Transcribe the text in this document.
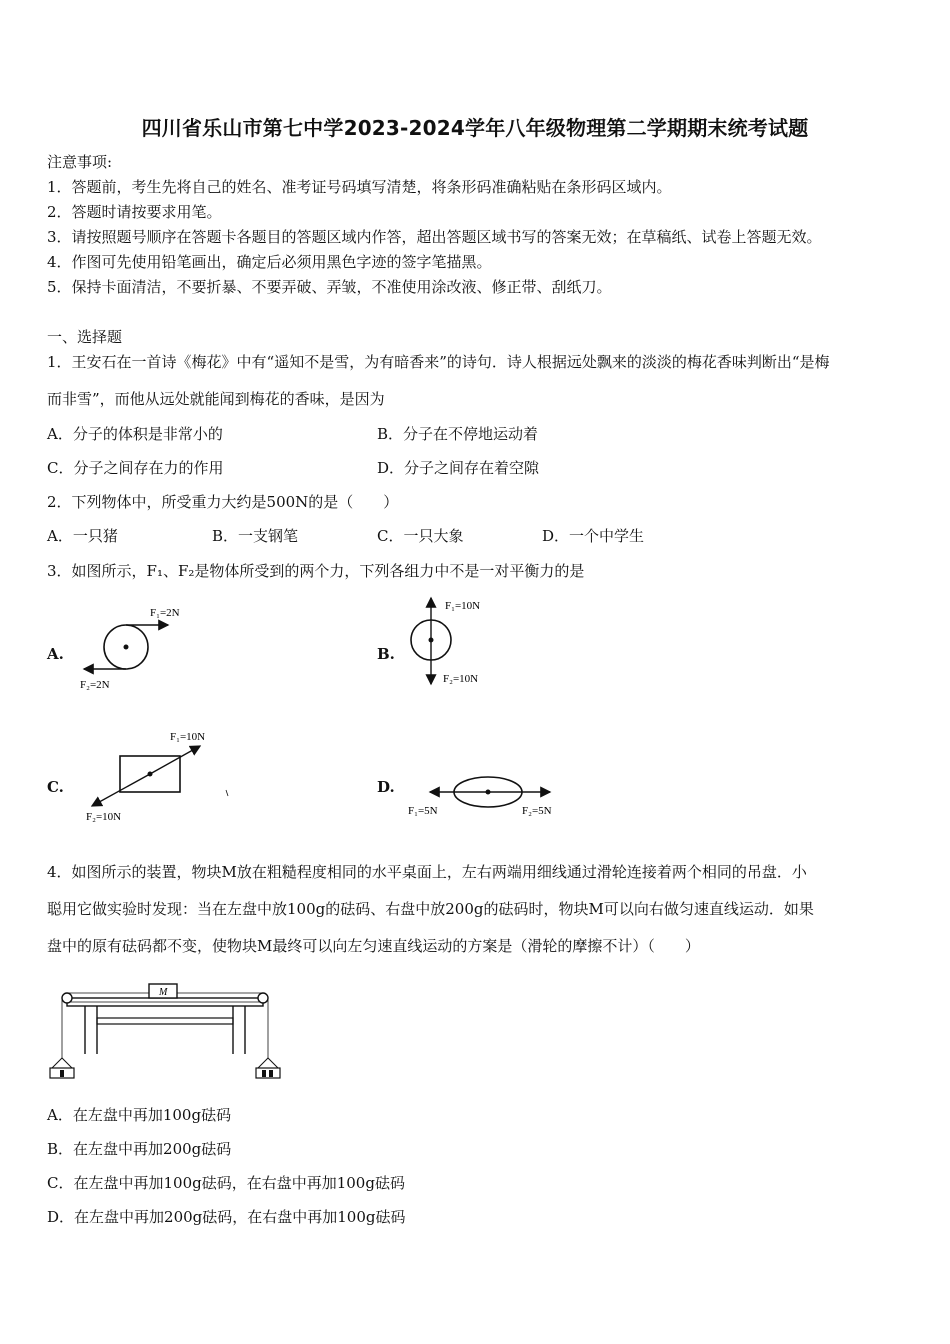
四川省乐山市第七中学2023-2024学年八年级物理第二学期期末统考试题
注意事项:
1．答题前，考生先将自己的姓名、准考证号码填写清楚，将条形码准确粘贴在条形码区域内。
2．答题时请按要求用笔。
3．请按照题号顺序在答题卡各题目的答题区域内作答，超出答题区域书写的答案无效；在草稿纸、试卷上答题无效。
4．作图可先使用铅笔画出，确定后必须用黑色字迹的签字笔描黑。
5．保持卡面清洁，不要折暴、不要弄破、弄皱，不准使用涂改液、修正带、刮纸刀。
一、选择题
1．王安石在一首诗《梅花》中有“遥知不是雪，为有暗香来”的诗句．诗人根据远处飘来的淡淡的梅花香味判断出“是梅
而非雪”，而他从远处就能闻到梅花的香味，是因为
A．分子的体积是非常小的	B．分子在不停地运动着
C．分子之间存在力的作用	D．分子之间存在着空隙
2．下列物体中，所受重力大约是500N的是（　　）
A．一只猪	B．一支钢笔	C．一只大象	D．一个中学生
3．如图所示，F₁、F₂是物体所受到的两个力，下列各组力中不是一对平衡力的是
A.	B.
C.	D.
F₁=2N
F₂=2N
F₁=10N
F₂=10N
F₁=10N
F₂=10N	F₁=5N	F₂=5N
4．如图所示的装置，物块M放在粗糙程度相同的水平桌面上，左右两端用细线通过滑轮连接着两个相同的吊盘．小
聪用它做实验时发现：当在左盘中放100g的砝码、右盘中放200g的砝码时，物块M可以向右做匀速直线运动．如果
盘中的原有砝码都不变，使物块M最终可以向左匀速直线运动的方案是（滑轮的摩擦不计）（　　）
M
A．在左盘中再加100g砝码
B．在左盘中再加200g砝码
C．在左盘中再加100g砝码，在右盘中再加100g砝码
D．在左盘中再加200g砝码，在右盘中再加100g砝码
